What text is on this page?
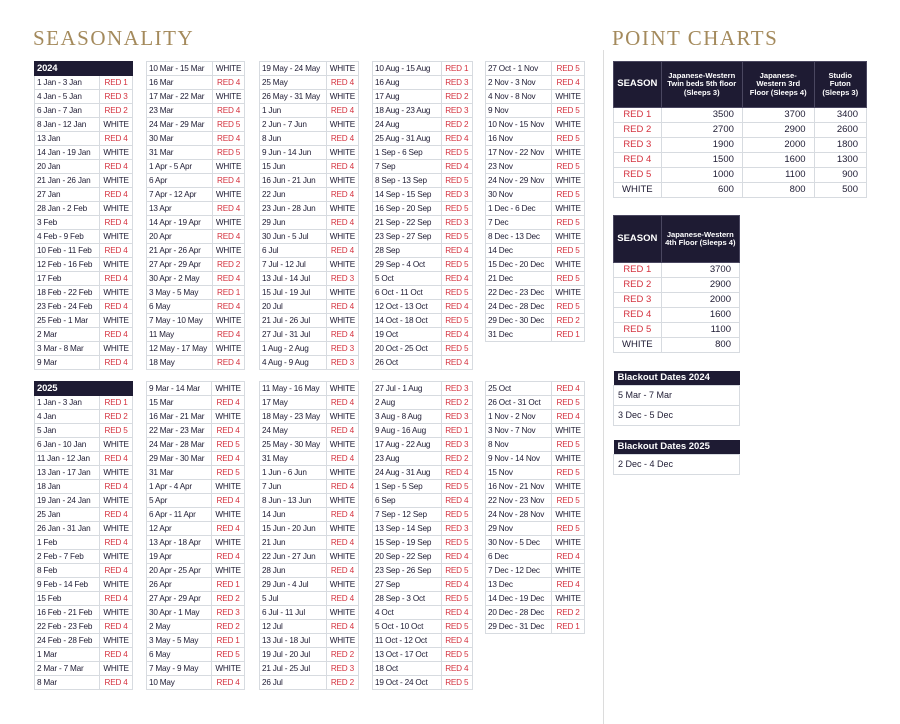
SEASONALITY	POINT CHARTS
2024	
1 Jan - 3 Jan	RED 1
4 Jan - 5 Jan	RED 3
6 Jan - 7 Jan	RED 2
8 Jan - 12 Jan	WHITE
13 Jan	RED 4
14 Jan - 19 Jan	WHITE
20 Jan	RED 4
21 Jan - 26 Jan	WHITE
27 Jan	RED 4
28 Jan - 2 Feb	WHITE
3 Feb	RED 4
4 Feb - 9 Feb	WHITE
10 Feb - 11 Feb	RED 4
12 Feb - 16 Feb	WHITE
17 Feb	RED 4
18 Feb - 22 Feb	WHITE
23 Feb - 24 Feb	RED 4
25 Feb - 1 Mar	WHITE
2 Mar	RED 4
3 Mar - 8 Mar	WHITE
9 Mar	RED 4
10 Mar - 15 Mar	WHITE
16 Mar	RED 4
17 Mar - 22 Mar	WHITE
23 Mar	RED 4
24 Mar - 29 Mar	RED 5
30 Mar	RED 4
31 Mar	RED 5
1 Apr - 5 Apr	WHITE
6 Apr	RED 4
7 Apr - 12 Apr	WHITE
13 Apr	RED 4
14 Apr - 19 Apr	WHITE
20 Apr	RED 4
21 Apr - 26 Apr	WHITE
27 Apr - 29 Apr	RED 2
30 Apr - 2 May	RED 4
3 May - 5 May	RED 1
6 May	RED 4
7 May - 10 May	WHITE
11 May	RED 4
12 May - 17 May	WHITE
18 May	RED 4
19 May - 24 May	WHITE
25 May	RED 4
26 May - 31 May	WHITE
1 Jun	RED 4
2 Jun - 7 Jun	WHITE
8 Jun	RED 4
9 Jun - 14 Jun	WHITE
15 Jun	RED 4
16 Jun - 21 Jun	WHITE
22 Jun	RED 4
23 Jun - 28 Jun	WHITE
29 Jun	RED 4
30 Jun - 5 Jul	WHITE
6 Jul	RED 4
7 Jul - 12 Jul	WHITE
13 Jul - 14 Jul	RED 3
15 Jul - 19 Jul	WHITE
20 Jul	RED 4
21 Jul - 26 Jul	WHITE
27 Jul - 31 Jul	RED 4
1 Aug - 2 Aug	RED 3
4 Aug - 9 Aug	RED 3
10 Aug - 15 Aug	RED 1
16 Aug	RED 3
17 Aug	RED 2
18 Aug - 23 Aug	RED 3
24 Aug	RED 2
25 Aug - 31 Aug	RED 4
1 Sep - 6 Sep	RED 5
7 Sep	RED 4
8 Sep - 13 Sep	RED 5
14 Sep - 15 Sep	RED 3
16 Sep - 20 Sep	RED 5
21 Sep - 22 Sep	RED 3
23 Sep - 27 Sep	RED 5
28 Sep	RED 4
29 Sep - 4 Oct	RED 5
5 Oct	RED 4
6 Oct - 11 Oct	RED 5
12 Oct - 13 Oct	RED 4
14 Oct - 18 Oct	RED 5
19 Oct	RED 4
20 Oct - 25 Oct	RED 5
26 Oct	RED 4
27 Oct - 1 Nov	RED 5
2 Nov - 3 Nov	RED 4
4 Nov - 8 Nov	WHITE
9 Nov	RED 5
10 Nov - 15 Nov	WHITE
16 Nov	RED 5
17 Nov - 22 Nov	WHITE
23 Nov	RED 5
24 Nov - 29 Nov	WHITE
30 Nov	RED 5
1 Dec - 6 Dec	WHITE
7 Dec	RED 5
8 Dec - 13 Dec	WHITE
14 Dec	RED 5
15 Dec - 20 Dec	WHITE
21 Dec	RED 5
22 Dec - 23 Dec	WHITE
24 Dec - 28 Dec	RED 5
29 Dec - 30 Dec	RED 2
31 Dec	RED 1
2025	
1 Jan - 3 Jan	RED 1
4 Jan	RED 2
5 Jan	RED 5
6 Jan - 10 Jan	WHITE
11 Jan - 12 Jan	RED 4
13 Jan - 17 Jan	WHITE
18 Jan	RED 4
19 Jan - 24 Jan	WHITE
25 Jan	RED 4
26 Jan - 31 Jan	WHITE
1 Feb	RED 4
2 Feb - 7 Feb	WHITE
8 Feb	RED 4
9 Feb - 14 Feb	WHITE
15 Feb	RED 4
16 Feb - 21 Feb	WHITE
22 Feb - 23 Feb	RED 4
24 Feb - 28 Feb	WHITE
1 Mar	RED 4
2 Mar - 7 Mar	WHITE
8 Mar	RED 4
9 Mar - 14 Mar	WHITE
15 Mar	RED 4
16 Mar - 21 Mar	WHITE
22 Mar - 23 Mar	RED 4
24 Mar - 28 Mar	RED 5
29 Mar - 30 Mar	RED 4
31 Mar	RED 5
1 Apr - 4 Apr	WHITE
5 Apr	RED 4
6 Apr - 11 Apr	WHITE
12 Apr	RED 4
13 Apr - 18 Apr	WHITE
19 Apr	RED 4
20 Apr - 25 Apr	WHITE
26 Apr	RED 1
27 Apr - 29 Apr	RED 2
30 Apr - 1 May	RED 3
2 May	RED 2
3 May - 5 May	RED 1
6 May	RED 5
7 May - 9 May	WHITE
10 May	RED 4
11 May - 16 May	WHITE
17 May	RED 4
18 May - 23 May	WHITE
24 May	RED 4
25 May - 30 May	WHITE
31 May	RED 4
1 Jun - 6 Jun	WHITE
7 Jun	RED 4
8 Jun - 13 Jun	WHITE
14 Jun	RED 4
15 Jun - 20 Jun	WHITE
21 Jun	RED 4
22 Jun - 27 Jun	WHITE
28 Jun	RED 4
29 Jun - 4 Jul	WHITE
5 Jul	RED 4
6 Jul - 11 Jul	WHITE
12 Jul	RED 4
13 Jul - 18 Jul	WHITE
19 Jul - 20 Jul	RED 2
21 Jul - 25 Jul	RED 3
26 Jul	RED 2
27 Jul - 1 Aug	RED 3
2 Aug	RED 2
3 Aug - 8 Aug	RED 3
9 Aug - 16 Aug	RED 1
17 Aug - 22 Aug	RED 3
23 Aug	RED 2
24 Aug - 31 Aug	RED 4
1 Sep - 5 Sep	RED 5
6 Sep	RED 4
7 Sep - 12 Sep	RED 5
13 Sep - 14 Sep	RED 3
15 Sep - 19 Sep	RED 5
20 Sep - 22 Sep	RED 4
23 Sep - 26 Sep	RED 5
27 Sep	RED 4
28 Sep - 3 Oct	RED 5
4 Oct	RED 4
5 Oct - 10 Oct	RED 5
11 Oct - 12 Oct	RED 4
13 Oct - 17 Oct	RED 5
18 Oct	RED 4
19 Oct - 24 Oct	RED 5
25 Oct	RED 4
26 Oct - 31 Oct	RED 5
1 Nov - 2 Nov	RED 4
3 Nov - 7 Nov	WHITE
8 Nov	RED 5
9 Nov - 14 Nov	WHITE
15 Nov	RED 5
16 Nov - 21 Nov	WHITE
22 Nov - 23 Nov	RED 5
24 Nov - 28 Nov	WHITE
29 Nov	RED 5
30 Nov - 5 Dec	WHITE
6 Dec	RED 4
7 Dec - 12 Dec	WHITE
13 Dec	RED 4
14 Dec - 19 Dec	WHITE
20 Dec - 28 Dec	RED 2
29 Dec - 31 Dec	RED 1
SEASON	Japanese-Western Twin beds 5th floor (Sleeps 3)	Japanese-Western 3rd Floor (Sleeps 4)	Studio Futon (Sleeps 3)
RED 1	3500	3700	3400
RED 2	2700	2900	2600
RED 3	1900	2000	1800
RED 4	1500	1600	1300
RED 5	1000	1100	900
WHITE	600	800	500
SEASON	Japanese-Western 4th Floor (Sleeps 4)
RED 1	3700
RED 2	2900
RED 3	2000
RED 4	1600
RED 5	1100
WHITE	800
Blackout Dates 2024
5 Mar - 7 Mar
3 Dec - 5 Dec
Blackout Dates 2025
2 Dec - 4 Dec
